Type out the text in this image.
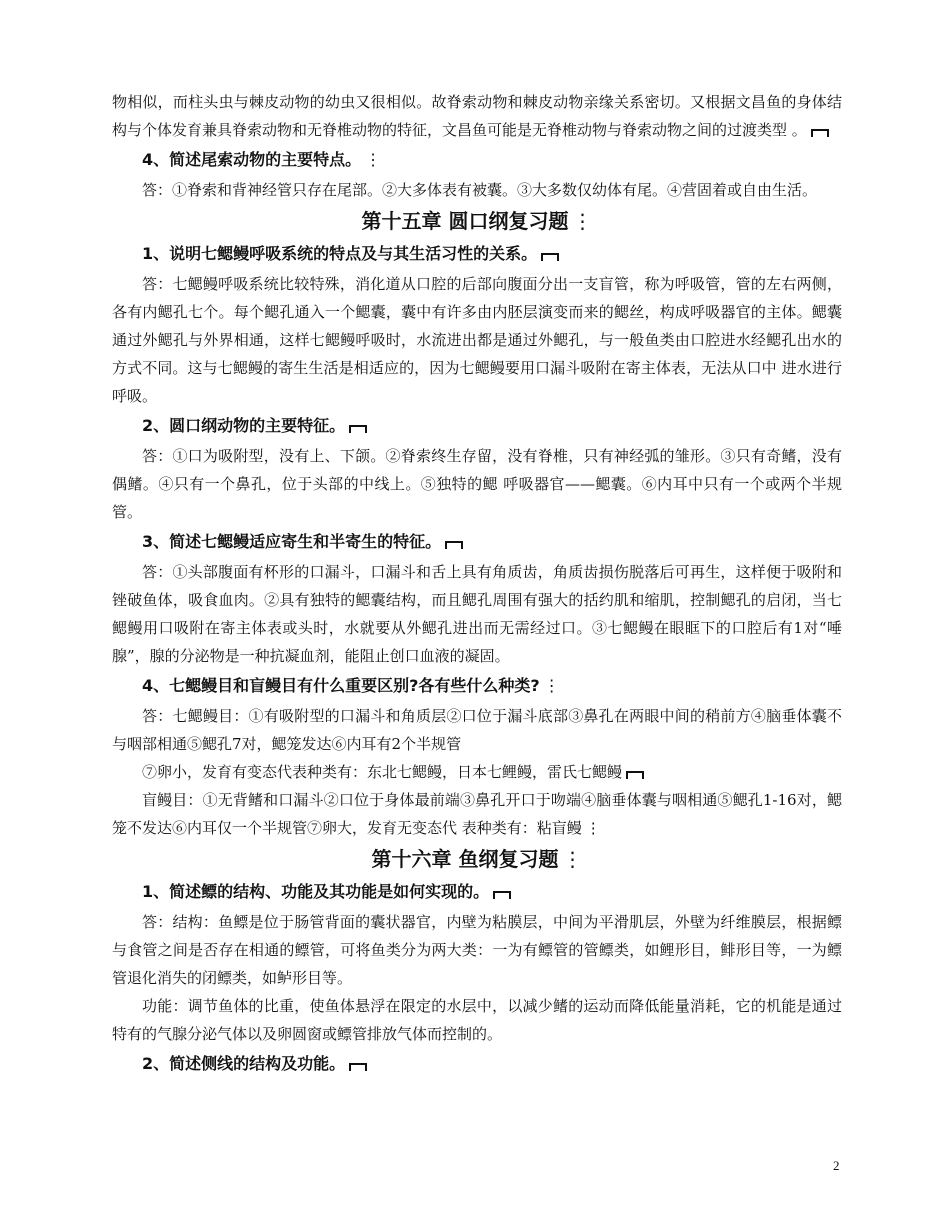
物相似，而柱头虫与棘皮动物的幼虫又很相似。故脊索动物和棘皮动物亲缘关系密切。又根据文昌鱼的身体结构与个体发育兼具脊索动物和无脊椎动物的特征，文昌鱼可能是无脊椎动物与脊索动物之间的过渡类型 。

4、简述尾索动物的主要特点。 ⋮

答：①脊索和背神经管只存在尾部。②大多体表有被囊。③大多数仅幼体有尾。④营固着或自由生活。

第十五章 圆口纲复习题 ⋮

1、说明七鳃鳗呼吸系统的特点及与其生活习性的关系。

答：七鳃鳗呼吸系统比较特殊，消化道从口腔的后部向腹面分出一支盲管，称为呼吸管，管的左右两侧，各有内鳃孔七个。每个鳃孔通入一个鳃囊，囊中有许多由内胚层演变而来的鳃丝，构成呼吸器官的主体。鳃囊通过外鳃孔与外界相通，这样七鳃鳗呼吸时，水流进出都是通过外鳃孔，与一般鱼类由口腔进水经鳃孔出水的方式不同。这与七鳃鳗的寄生生活是相适应的，因为七鳃鳗要用口漏斗吸附在寄主体表，无法从口中 进水进行呼吸。

2、圆口纲动物的主要特征。

答：①口为吸附型，没有上、下颌。②脊索终生存留，没有脊椎，只有神经弧的雏形。③只有奇鳍，没有偶鳍。④只有一个鼻孔，位于头部的中线上。⑤独特的鳃 呼吸器官——鳃囊。⑥内耳中只有一个或两个半规管。

3、简述七鳃鳗适应寄生和半寄生的特征。

答：①头部腹面有杯形的口漏斗，口漏斗和舌上具有角质齿，角质齿损伤脱落后可再生，这样便于吸附和锉破鱼体，吸食血肉。②具有独特的鳃囊结构，而且鳃孔周围有强大的括约肌和缩肌，控制鳃孔的启闭，当七鳃鳗用口吸附在寄主体表或头时，水就要从外鳃孔进出而无需经过口。③七鳃鳗在眼眶下的口腔后有1对“唾腺”，腺的分泌物是一种抗凝血剂，能阻止创口血液的凝固。

4、七鳃鳗目和盲鳗目有什么重要区别?各有些什么种类? ⋮

答：七鳃鳗目：①有吸附型的口漏斗和角质层②口位于漏斗底部③鼻孔在两眼中间的稍前方④脑垂体囊不与咽部相通⑤鳃孔7对，鳃笼发达⑥内耳有2个半规管

⑦卵小，发育有变态代表种类有：东北七鳃鳗，日本七鲤鳗，雷氏七鳃鳗

盲鳗目：①无背鳍和口漏斗②口位于身体最前端③鼻孔开口于吻端④脑垂体囊与咽相通⑤鳃孔1-16对，鳃笼不发达⑥内耳仅一个半规管⑦卵大，发育无变态代 表种类有：粘盲鳗 ⋮

第十六章 鱼纲复习题 ⋮

1、简述鳔的结构、功能及其功能是如何实现的。

答：结构：鱼鳔是位于肠管背面的囊状器官，内壁为粘膜层，中间为平滑肌层，外壁为纤维膜层，根据鳔与食管之间是否存在相通的鳔管，可将鱼类分为两大类：一为有鳔管的管鳔类，如鲤形目，鲱形目等，一为鳔管退化消失的闭鳔类，如鲈形目等。

功能：调节鱼体的比重，使鱼体悬浮在限定的水层中，以减少鳍的运动而降低能量消耗，它的机能是通过特有的气腺分泌气体以及卵圆窗或鳔管排放气体而控制的。

2、简述侧线的结构及功能。

2
